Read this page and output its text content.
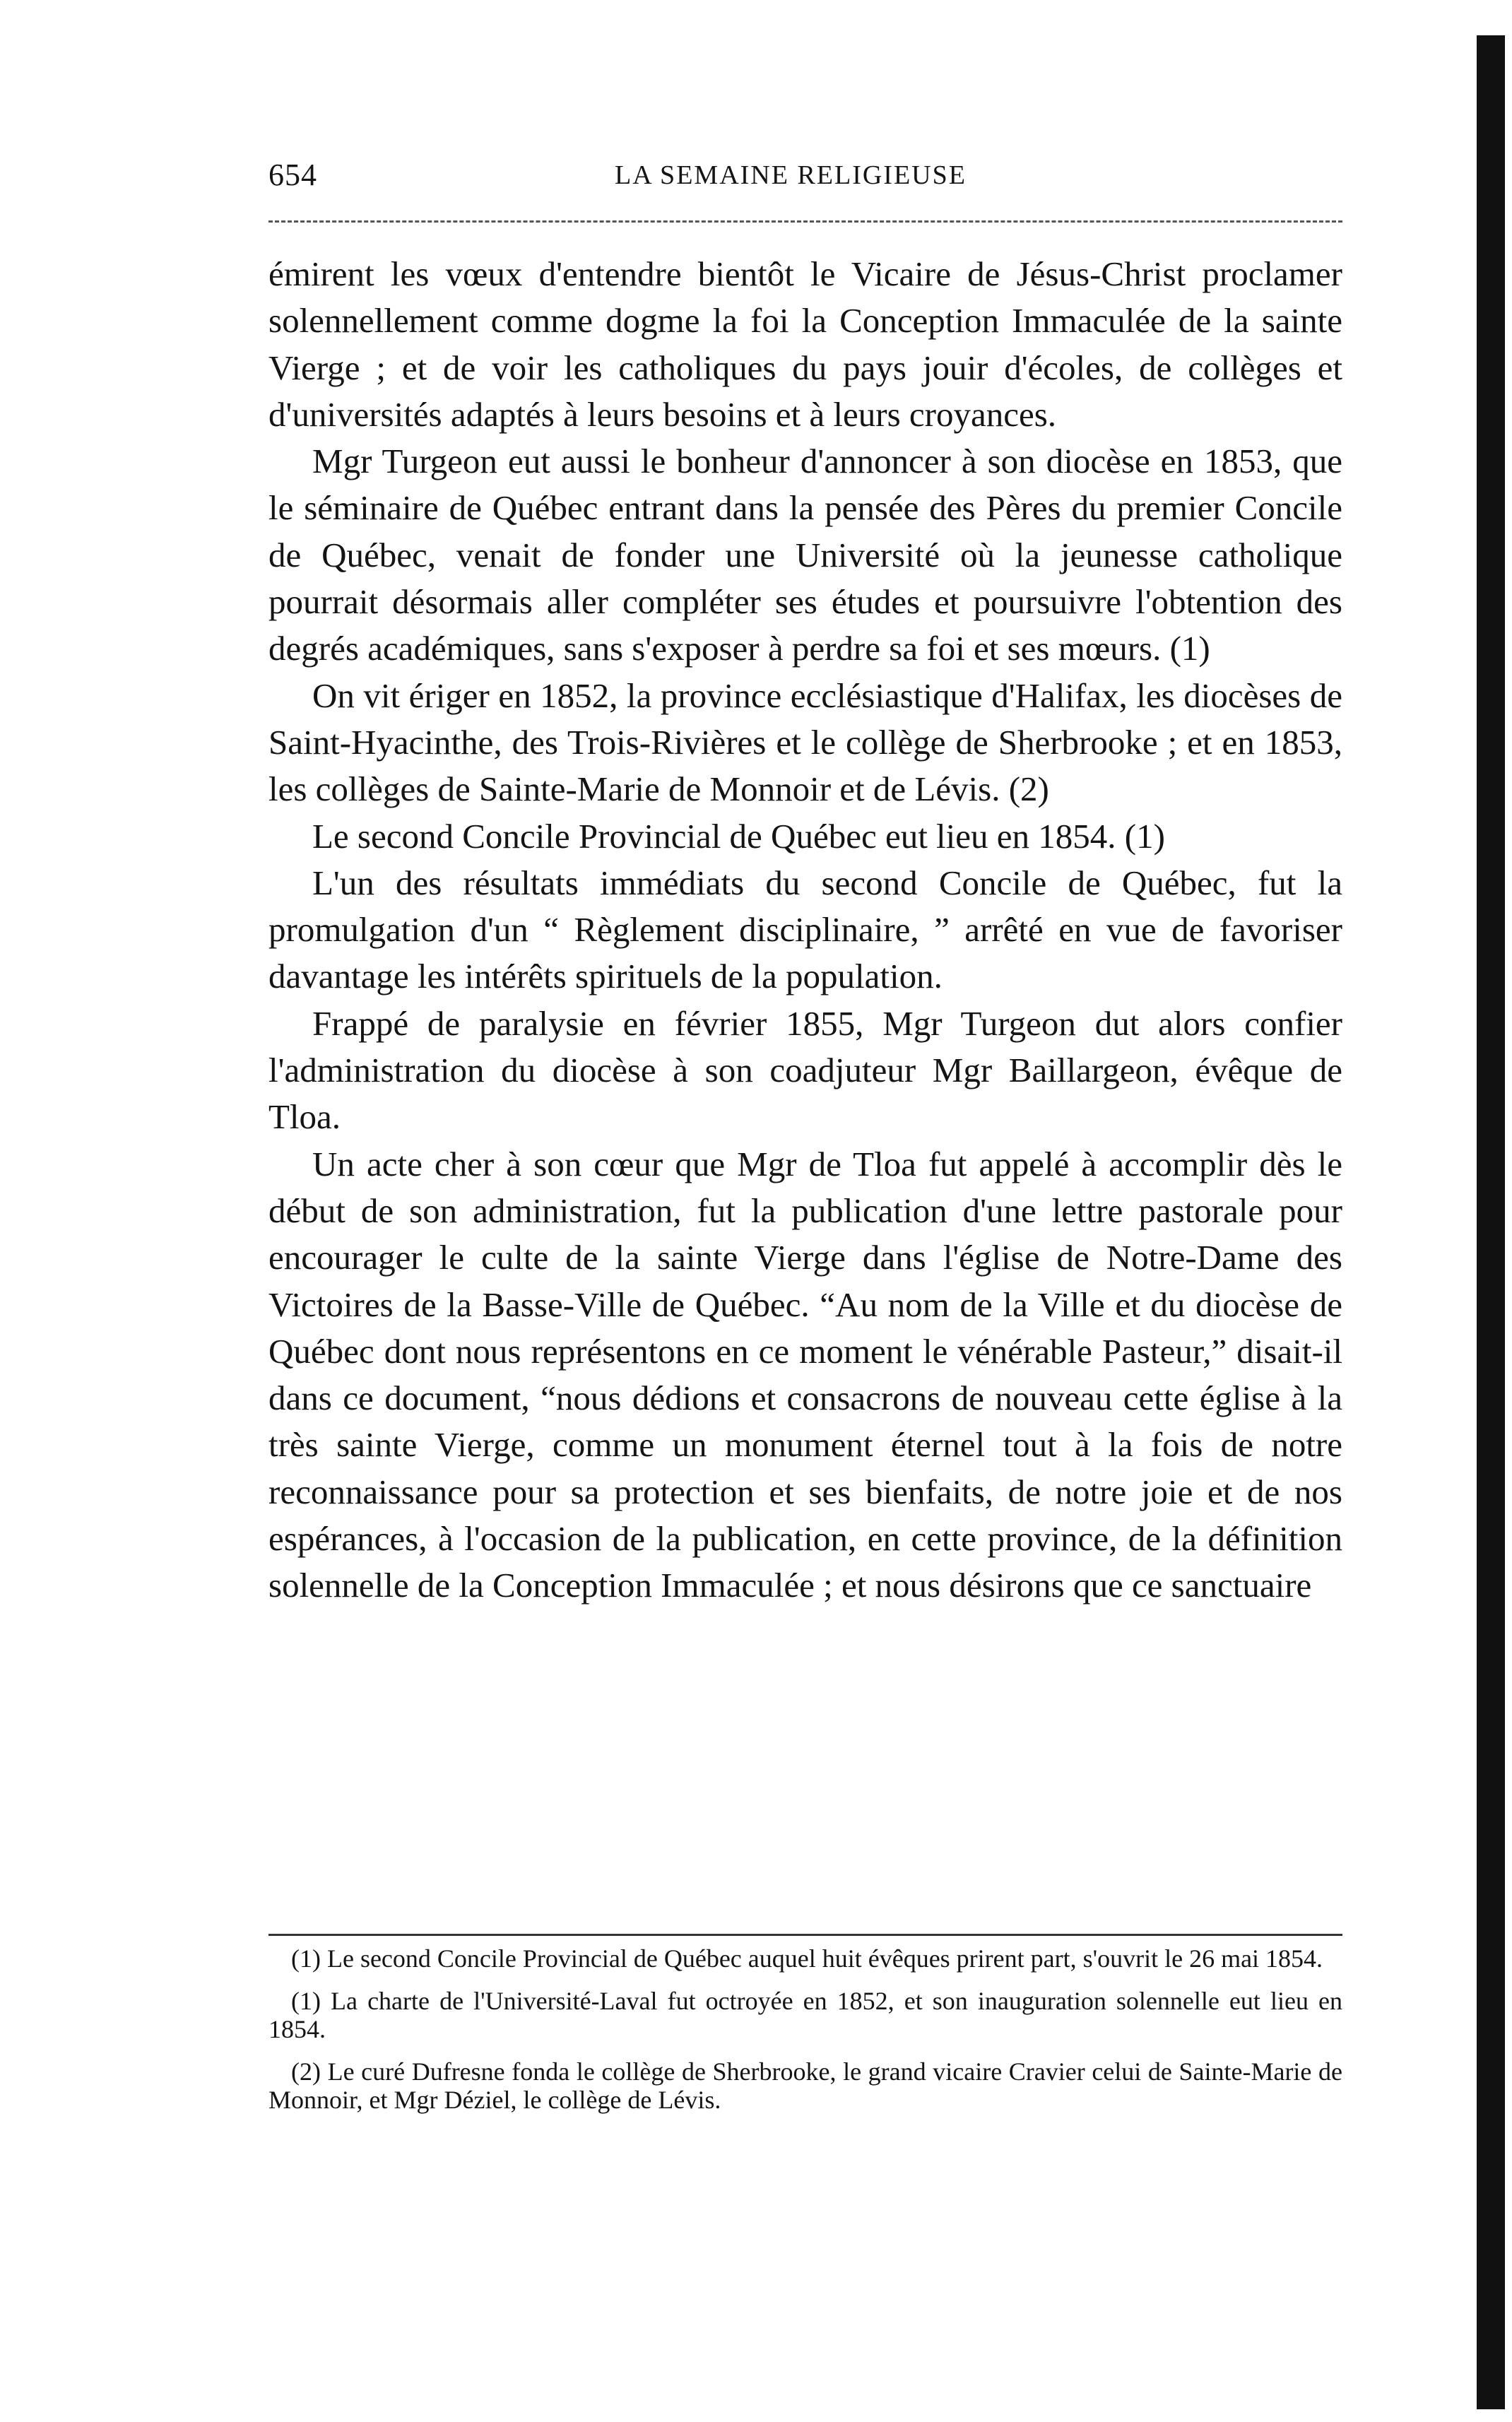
654	LA SEMAINE RELIGIEUSE

émirent les vœux d'entendre bientôt le Vicaire de Jésus-Christ proclamer solennellement comme dogme la foi la Conception Immaculée de la sainte Vierge ; et de voir les catholiques du pays jouir d'écoles, de collèges et d'universités adaptés à leurs besoins et à leurs croyances.

Mgr Turgeon eut aussi le bonheur d'annoncer à son diocèse en 1853, que le séminaire de Québec entrant dans la pensée des Pères du premier Concile de Québec, venait de fonder une Université où la jeunesse catholique pourrait désormais aller compléter ses études et poursuivre l'obtention des degrés académiques, sans s'exposer à perdre sa foi et ses mœurs. (1)

On vit ériger en 1852, la province ecclésiastique d'Halifax, les diocèses de Saint-Hyacinthe, des Trois-Rivières et le collège de Sherbrooke ; et en 1853, les collèges de Sainte-Marie de Monnoir et de Lévis. (2)

Le second Concile Provincial de Québec eut lieu en 1854. (1)

L'un des résultats immédiats du second Concile de Québec, fut la promulgation d'un “ Règlement disciplinaire, ” arrêté en vue de favoriser davantage les intérêts spirituels de la population.

Frappé de paralysie en février 1855, Mgr Turgeon dut alors confier l'administration du diocèse à son coadjuteur Mgr Baillargeon, évêque de Tloa.

Un acte cher à son cœur que Mgr de Tloa fut appelé à accomplir dès le début de son administration, fut la publication d'une lettre pastorale pour encourager le culte de la sainte Vierge dans l'église de Notre-Dame des Victoires de la Basse-Ville de Québec. “Au nom de la Ville et du diocèse de Québec dont nous représentons en ce moment le vénérable Pasteur,” disait-il dans ce document, “nous dédions et consacrons de nouveau cette église à la très sainte Vierge, comme un monument éternel tout à la fois de notre reconnaissance pour sa protection et ses bienfaits, de notre joie et de nos espérances, à l'occasion de la publication, en cette province, de la définition solennelle de la Conception Immaculée ; et nous désirons que ce sanctuaire

(1) Le second Concile Provincial de Québec auquel huit évêques prirent part, s'ouvrit le 26 mai 1854.

(1) La charte de l'Université-Laval fut octroyée en 1852, et son inauguration solennelle eut lieu en 1854.

(2) Le curé Dufresne fonda le collège de Sherbrooke, le grand vicaire Cravier celui de Sainte-Marie de Monnoir, et Mgr Déziel, le collège de Lévis.
